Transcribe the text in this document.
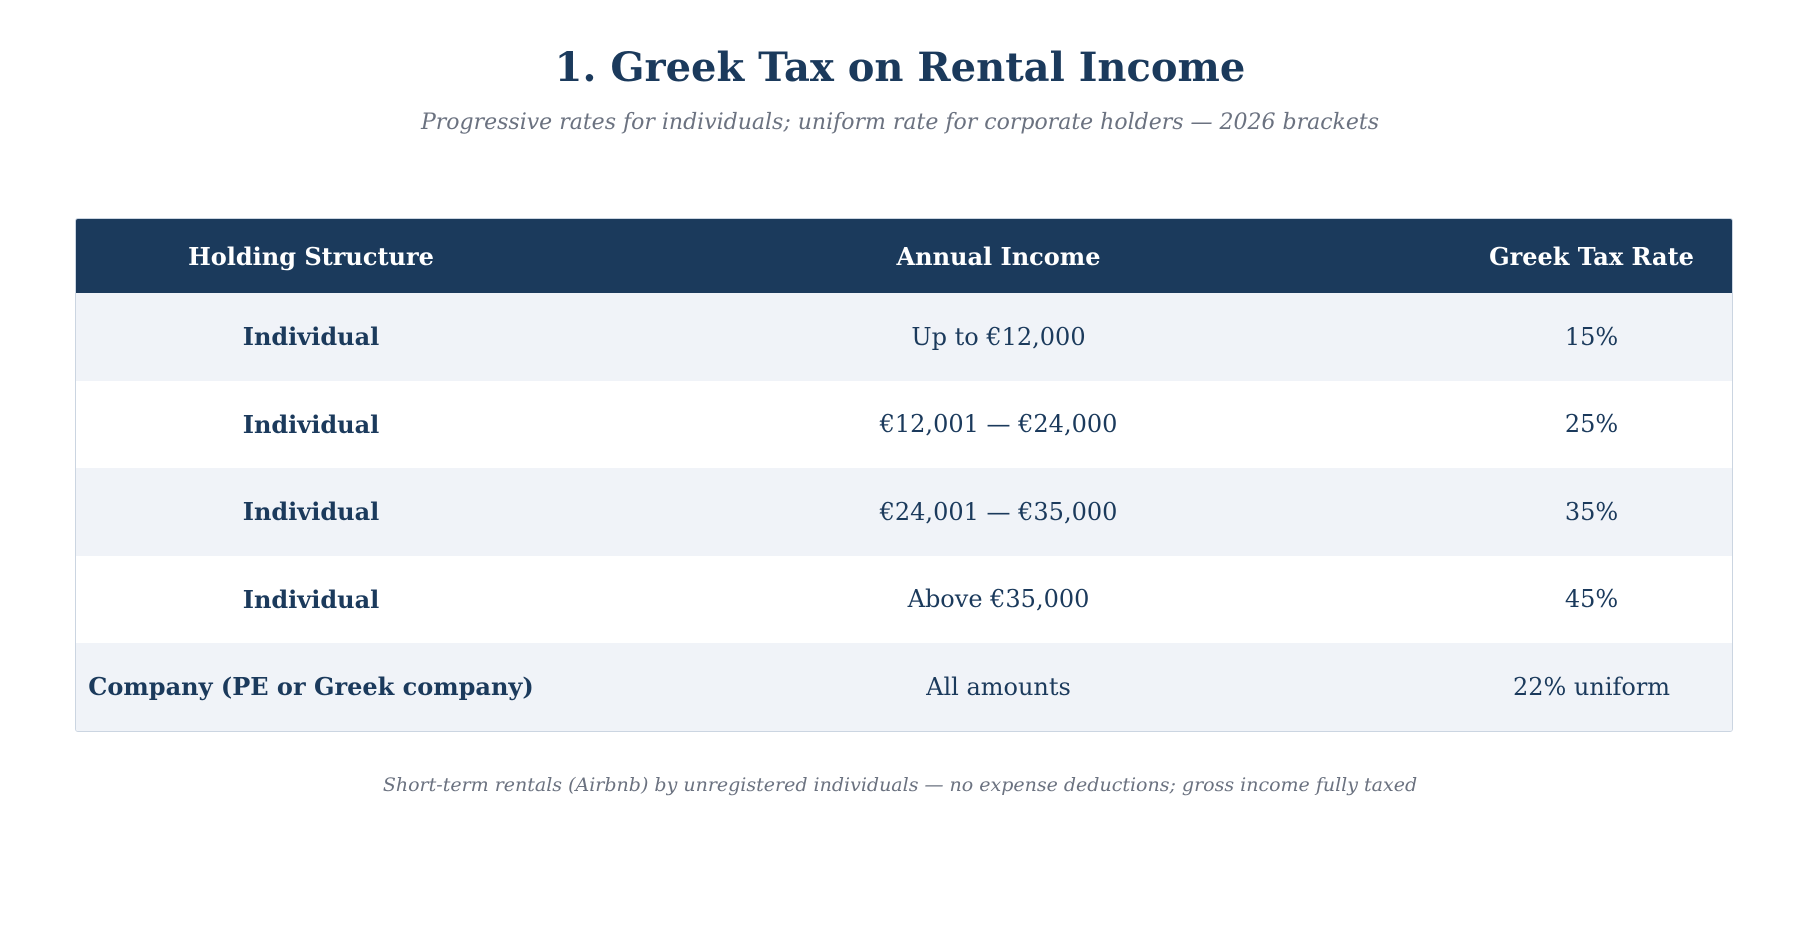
1. Greek Tax on Rental Income
Progressive rates for individuals; uniform rate for corporate holders — 2026 brackets
Holding Structure	Annual Income	Greek Tax Rate
Individual	Up to €12,000	15%
Individual	€12,001 — €24,000	25%
Individual	€24,001 — €35,000	35%
Individual	Above €35,000	45%
Company (PE or Greek company)	All amounts	22% uniform
Short-term rentals (Airbnb) by unregistered individuals — no expense deductions; gross income fully taxed
